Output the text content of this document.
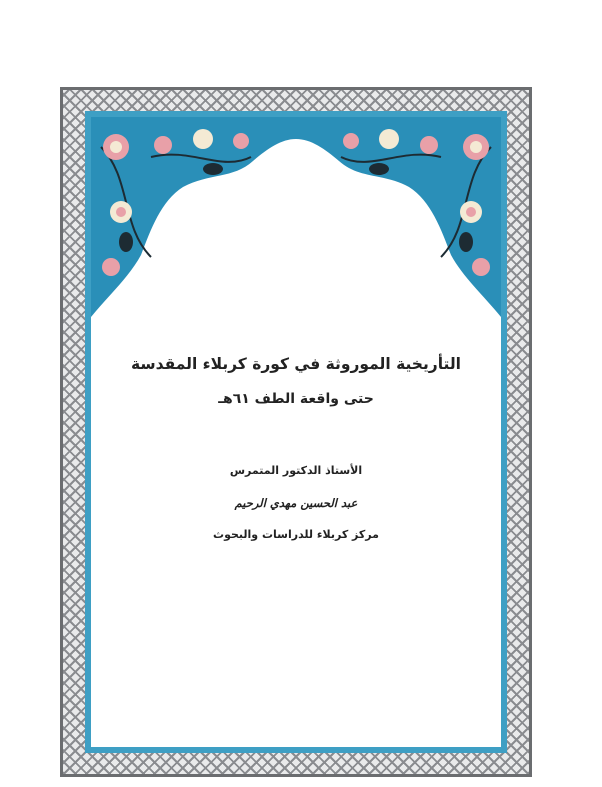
التأريخية الموروثة في كورة كربلاء المقدسة
حتى واقعة الطف ٦١هـ
الأستاذ الدكتور المتمرس
عبد الحسين مهدي الرحيم
مركز كربلاء للدراسات والبحوث
